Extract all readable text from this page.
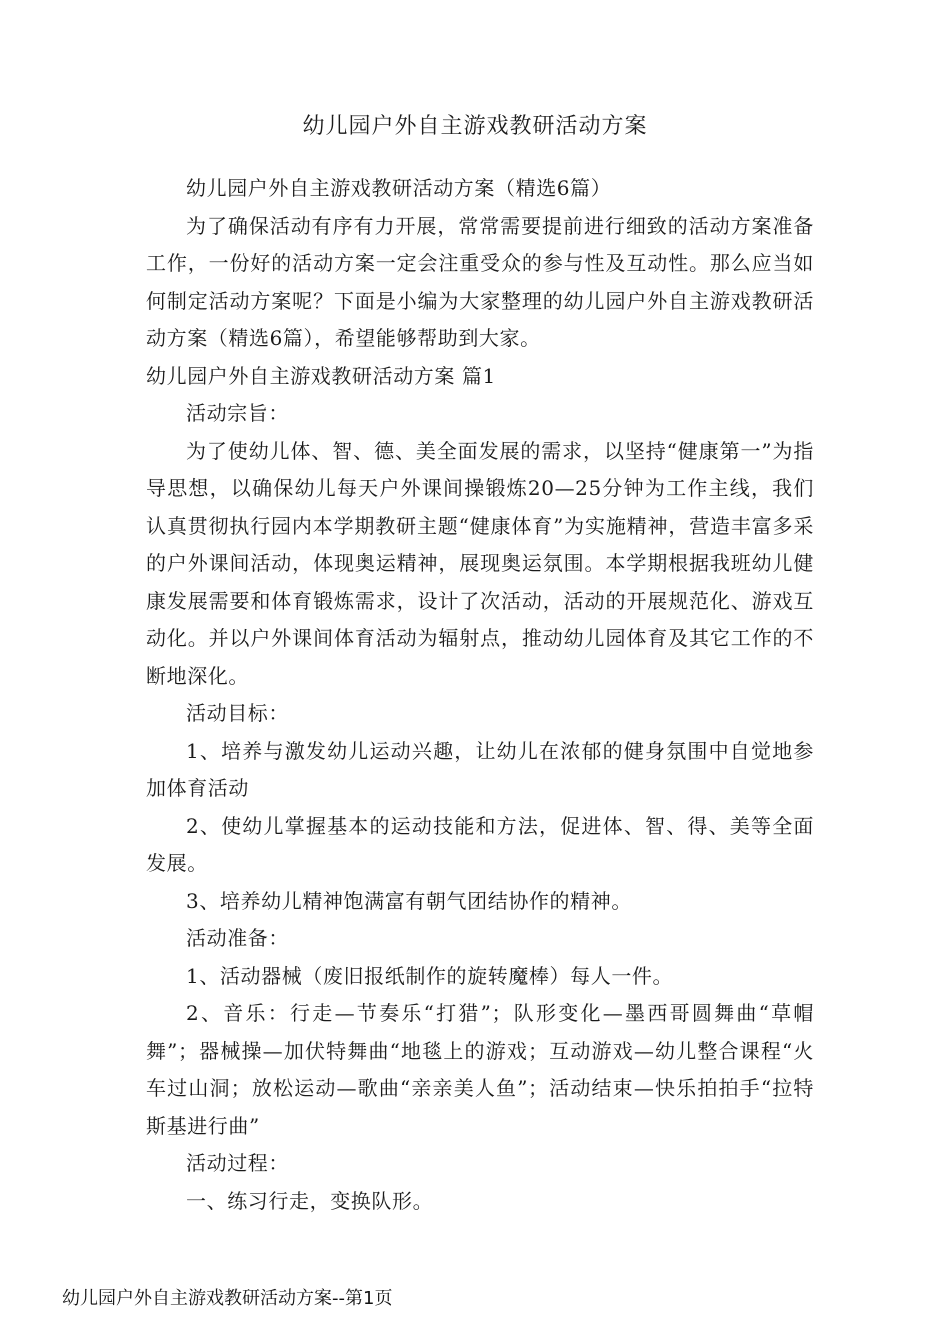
幼儿园户外自主游戏教研活动方案

幼儿园户外自主游戏教研活动方案（精选6篇）

为了确保活动有序有力开展，常常需要提前进行细致的活动方案准备工作，一份好的活动方案一定会注重受众的参与性及互动性。那么应当如何制定活动方案呢？下面是小编为大家整理的幼儿园户外自主游戏教研活动方案（精选6篇），希望能够帮助到大家。

幼儿园户外自主游戏教研活动方案 篇1

活动宗旨：

为了使幼儿体、智、德、美全面发展的需求，以坚持“健康第一”为指导思想，以确保幼儿每天户外课间操锻炼20—25分钟为工作主线，我们认真贯彻执行园内本学期教研主题“健康体育”为实施精神，营造丰富多采的户外课间活动，体现奥运精神，展现奥运氛围。本学期根据我班幼儿健康发展需要和体育锻炼需求，设计了次活动，活动的开展规范化、游戏互动化。并以户外课间体育活动为辐射点，推动幼儿园体育及其它工作的不断地深化。

活动目标：

1、培养与激发幼儿运动兴趣，让幼儿在浓郁的健身氛围中自觉地参加体育活动

2、使幼儿掌握基本的运动技能和方法，促进体、智、得、美等全面发展。

3、培养幼儿精神饱满富有朝气团结协作的精神。

活动准备：

1、活动器械（废旧报纸制作的旋转魔棒）每人一件。

2、音乐：行走—节奏乐“打猎”；队形变化—墨西哥圆舞曲“草帽舞”；器械操—加伏特舞曲“地毯上的游戏；互动游戏—幼儿整合课程“火车过山洞；放松运动—歌曲“亲亲美人鱼”；活动结束—快乐拍拍手“拉特斯基进行曲”

活动过程：

一、练习行走，变换队形。

幼儿园户外自主游戏教研活动方案--第1页
